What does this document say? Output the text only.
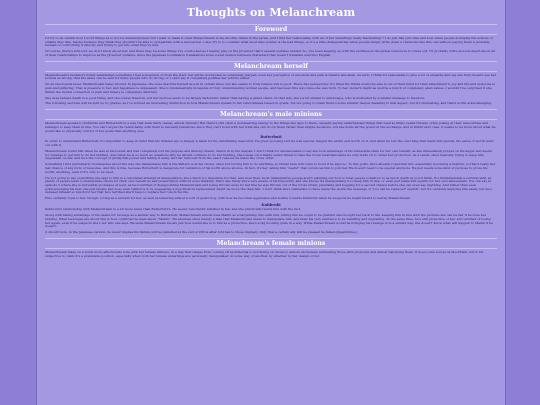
Thoughts on Melanchream
Foreword

I'd try to be careful how I word things as to not be misinterpreted, but I want to make it clear Melanchream is my favorite villain in the series, and I find her relationship with all of her underlings really fascinating!!! I do just like yuri idea and how when people downplay the actions of villains they like, maybe because they think they shouldn't be able to sympathize with a bad person. I also try to to consider what most fans ponder is the bad things, so it's a little disappointing when people simply write down a character like this one without paying them a probably instead of confronting it directly and trying to get into what they've had.

Of course, there's still a lot we don't know about her, and there may be some things I've overlooked as I mainly play on the JP server that's several updates behind. So, I've been keeping up with the plotlines in the global version as it comes out. I'll probably write more in-depth about all of their relationships to improve as the JP server updates, since the Japanese localization translations some social nuance between characters that doesn't translate well into English.

Melanchream herself

Melanchream's backstory firmly established something I had a suspicion of from the start: her entire world-view is completely warped, even her perception of emotions and pain is bizarre and alien. As such, I think it's reasonable to give a lot of empathy and say she truly doesn't see her actions as wrong, that the same can be said for many people who do wrong, or I can't say it completely justifies her actions either.

On an ideological level, Melanchream hates around. In Japanese, she does describe herself as evil in certain lines, but she seems to truly believe evil is good. There has perspective; it's filled the thinks everyone else is out of their mind for their attachment to joy and life and everyone is pain and suffering. That is pleasure to her, and happiness is unpleasant. She is fundamentally incapable of truly understanding normal people, and has been this way since she was born. To her, modern might as well be a bunch of completely alien values. I wouldn't be surprised if she thinks the mortal connection of pain and misery is completely arbitrary.

She does believe death is a good thing, and she craves freedom, but her motives seem to be largely hedonistic rather than having a grand vision. In that way, she's a bit similar to mindscape, who is motivated by a similar message to freedom.

The following sections will be split up by grades, as I've noticed an interesting distinction in how Melanchream speaks to her subordinates based on grade. I'm not going to claim there's some sinister deeper meaning to that aspect, but it's interesting, and that's worth acknowledging.

Melanchream's male minions

Melanchream speaks to Kuhbrubi and Butterbutt in a way that feels fairly casual, almost friendly! But there's still often a domineering energy to the things she says to them, casually saying underhanded things that read as thinly veiled threats, often poking at their insecurities and missteps to keep them in line. You can't argue the relationship with them is mutually beneficial, since they can't bond with her what she can do for them rather than simple decisions, but she holds all the power in the exchange, and in Kuhbrubi's case, it seems to be more about what he would like to physically control of her goals than anything else.

Butterbutt

In order to understand Butterbutt, it's important to keep in mind that his inflated ego is largely a mask for his debilitating insecurity. He grew up being told he was special, fanged the entire self worth on it, and when he lost the one thing that made him special, his sense of worth went out with it.

Melanchream found him when he was at his lowest and had completely lost his purpose and lifelong dream, drawn in by his despair. I don't think it's unreasonable to say she took advantage of his vulnerable state for her own benefit, as she immediately preyed on his anger and desire for revenge to get him to do her bidding. And when he is so much as questions why he should continue to do her bidding, she tosses out a flashy veiled threat to take the Cross Guardian name he only holds on to under her protection. As a result, she's basically trying to keep him dependent on her, and he's the concept of giving him power and taking it away, isn't far removed from the exact reasons he hates the cross order.

Something I find particularly troublesome about the way she manipulates him is the Pattern is at his choice, she's not forcing him to do anything, so threat here will come to bond if he says no. To this point, she's already roped him into essentially becoming a fugitive, so that's really her last chance of any form of response. And this is fine, because Butterbutt is desperate for validation of his worth above all else. In fact, it's her calling him "useful" that convinces him to join her. He doesn't need to be special anymore. He just needs some kind of purpose to prove his worth, anything, even if it's only to be used.

I'm not going to say everything she says to him is a calculated attempt at manipulation, she's much too impulsive for that, and even then, most manipulative people aren't planning out how to treat people somehow to as much depth as you'd think. It's fundamentally a survival skill, as plenty of people learn to manipulate others for their own benefit as self preservation without even thinking. She's also likely she's very aware of his insecurity, and she knows it's manipulating it to keep him in line, or even just make him squirm for her own amusement. You can say in episode 5 where she is incredibly grotesque at best, as he's terrified of disappointing Melanchream and being thrown away by her like he was thrown out of the Cross Order, panicking and begging for a second chance before she can even say anything. And rather than even acknowledging his fear, she just laughs and does even reinforce it by suggesting a hypothetical replacement might be more the than him. I don't think she's deliberate to have made the words the message of "you can be replaced" explicit, but it's certainly implying him easily, but he's debased himself so much for her that he's terrified she'll have to replace her role in his life.

He's certainly loyal to her, though, loving as a servant for her, as well as believing almost a sort of guard dog, with how he becomes aggressive and hostile towards Kuhbrubi when he suspects he might intend to betray Melanchream.

Kuhbrubi

Kuhbrubi's relationship with Melanchream is a lot more tense than Butterbutt's. He seems reluctantly satisfied in her, and she practically taunts him with the fact.

Along with taking advantage of his desire for revenge as a similar way to Butterbutt, Melanchream almost uses Mailin as a bargaining chip with him, telling him he ought to be grateful she brought her back to life, keeping him in line with the promise she can be fair if he does her bidding. What leverages are about this is how conflicted he feels about "Mailin". He assumes she's merely a fake that Melanchream made to manipulate him, and feels his very existence to be insulting and degrading. At the same time, he's still protective of her, and terrified of losing her again, even if he suspects she's not who she says. Because Melanchream knows just how useful she is to him as a protective, she's a big hooking quite in a way. While Melanchream would be bringing his revenge is in a similar way, she doesn't know what will happen to Mailin if he doesn't.

(I should note, in the Japanese version, he never implies his failure will be punished at the end of Citrus after Ichi has to those implied). Only that a certain ally will be pleased he failed gingerbrave.)

Melanchream's female minions

Melanchream takes on a much more affectionate tone with her female minions, in a way that ranges from coming off as maternal to bordering on decency, almost exclusively addressing those with pronouns and almost babyfying them. It does come across as favoritism, but if I'm subjective to claim it's a preferable position, especially when both her female underlings are personally manipulated, in some way or another, by whether by her design or not.
